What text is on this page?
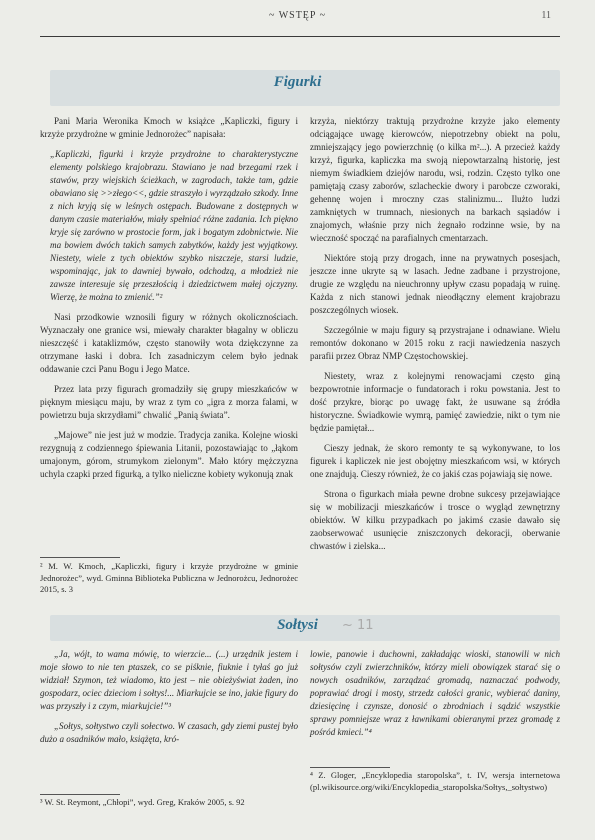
~ WSTĘP ~	11
Figurki

Pani Maria Weronika Kmoch w książce „Kapliczki, figury i krzyże przydrożne w gminie Jednorożec” napisała:

„Kapliczki, figurki i krzyże przydrożne to charakterystyczne elementy polskiego krajobrazu. Stawiano je nad brzegami rzek i stawów, przy wiejskich ścieżkach, w zagrodach, także tam, gdzie obawiano się >>złego<<, gdzie straszyło i wyrządzało szkody. Inne z nich kryją się w leśnych ostępach. Budowane z dostępnych w danym czasie materiałów, miały spełniać różne zadania. Ich piękno kryje się zarówno w prostocie form, jak i bogatym zdobnictwie. Nie ma bowiem dwóch takich samych zabytków, każdy jest wyjątkowy. Niestety, wiele z tych obiektów szybko niszczeje, starsi ludzie, wspominając, jak to dawniej bywało, odchodzą, a młodzież nie zawsze interesuje się przeszłością i dziedzictwem małej ojczyzny. Wierzę, że można to zmienić.”²

Nasi przodkowie wznosili figury w różnych okolicznościach. Wyznaczały one granice wsi, miewały charakter błagalny w obliczu nieszczęść i kataklizmów, często stanowiły wota dziękczynne za otrzymane łaski i dobra. Ich zasadniczym celem było jednak oddawanie czci Panu Bogu i Jego Matce.

Przez lata przy figurach gromadziły się grupy mieszkańców w pięknym miesiącu maju, by wraz z tym co „igra z morza falami, w powietrzu buja skrzydłami” chwalić „Panią świata”.

„Majowe” nie jest już w modzie. Tradycja zanika. Kolejne wioski rezygnują z codziennego śpiewania Litanii, pozostawiając to „łąkom umajonym, górom, strumykom zielonym”. Mało który mężczyzna uchyla czapki przed figurką, a tylko nieliczne kobiety wykonują znak

krzyża, niektórzy traktują przydrożne krzyże jako elementy odciągające uwagę kierowców, niepotrzebny obiekt na polu, zmniejszający jego powierzchnię (o kilka m²...). A przecież każdy krzyż, figurka, kapliczka ma swoją niepowtarzalną historię, jest niemym świadkiem dziejów narodu, wsi, rodzin. Często tylko one pamiętają czasy zaborów, szlacheckie dwory i parobcze czworaki, gehennę wojen i mroczny czas stalinizmu... Ilużto ludzi zamkniętych w trumnach, niesionych na barkach sąsiadów i znajomych, właśnie przy nich żegnało rodzinne wsie, by na wieczność spocząć na parafialnych cmentarzach.

Niektóre stoją przy drogach, inne na prywatnych posesjach, jeszcze inne ukryte są w lasach. Jedne zadbane i przystrojone, drugie ze względu na nieuchronny upływ czasu popadają w ruinę. Każda z nich stanowi jednak nieodłączny element krajobrazu poszczególnych wiosek.

Szczególnie w maju figury są przystrajane i odnawiane. Wielu remontów dokonano w 2015 roku z racji nawiedzenia naszych parafii przez Obraz NMP Częstochowskiej.

Niestety, wraz z kolejnymi renowacjami często giną bezpowrotnie informacje o fundatorach i roku powstania. Jest to dość przykre, biorąc po uwagę fakt, że usuwane są źródła historyczne. Świadkowie wymrą, pamięć zawiedzie, nikt o tym nie będzie pamiętał...

Cieszy jednak, że skoro remonty te są wykonywane, to los figurek i kapliczek nie jest obojętny mieszkańcom wsi, w których one znajdują. Cieszy również, że co jakiś czas pojawiają się nowe.

Strona o figurkach miała pewne drobne sukcesy przejawiające się w mobilizacji mieszkańców i trosce o wygląd zewnętrzny obiektów. W kilku przypadkach po jakimś czasie dawało się zaobserwować usunięcie zniszczonych dekoracji, oberwanie chwastów i zielska...

² M. W. Kmoch, „Kapliczki, figury i krzyże przydrożne w gminie Jednorożec”, wyd. Gminna Biblioteka Publiczna w Jednorożcu, Jednorożec 2015, s. 3
Sołtysi	~ 11

„Ja, wójt, to wama mówię, to wierzcie... (...) urzędnik jestem i moje słowo to nie ten ptaszek, co se piśknie, fiuknie i tyłaś go już widział! Szymon, też wiadomo, kto jest – nie obieżyświat żaden, ino gospodarz, ociec dzieciom i sołtys!... Miarkujcie se ino, jakie figury do was przyszły i z czym, miarkujcie!”³

„Sołtys, sołtystwo czyli sołectwo. W czasach, gdy ziemi pustej było dużo a osadników mało, książęta, kró-

lowie, panowie i duchowni, zakładając wioski, stanowili w nich sołtysów czyli zwierzchników, którzy mieli obowiązek starać się o nowych osadników, zarządzać gromadą, naznaczać podwody, poprawiać drogi i mosty, strzedz całości granic, wybierać daniny, dziesięcinę i czynsze, donosić o zbrodniach i sądzić wszystkie sprawy pomniejsze wraz z ławnikami obieranymi przez gromadę z pośród kmieci.”⁴

³ W. St. Reymont, „Chłopi”, wyd. Greg, Kraków 2005, s. 92
⁴ Z. Gloger, „Encyklopedia staropolska”, t. IV, wersja internetowa (pl.wikisource.org/wiki/Encyklopedia_staropolska/Sołtys,_sołtystwo)
